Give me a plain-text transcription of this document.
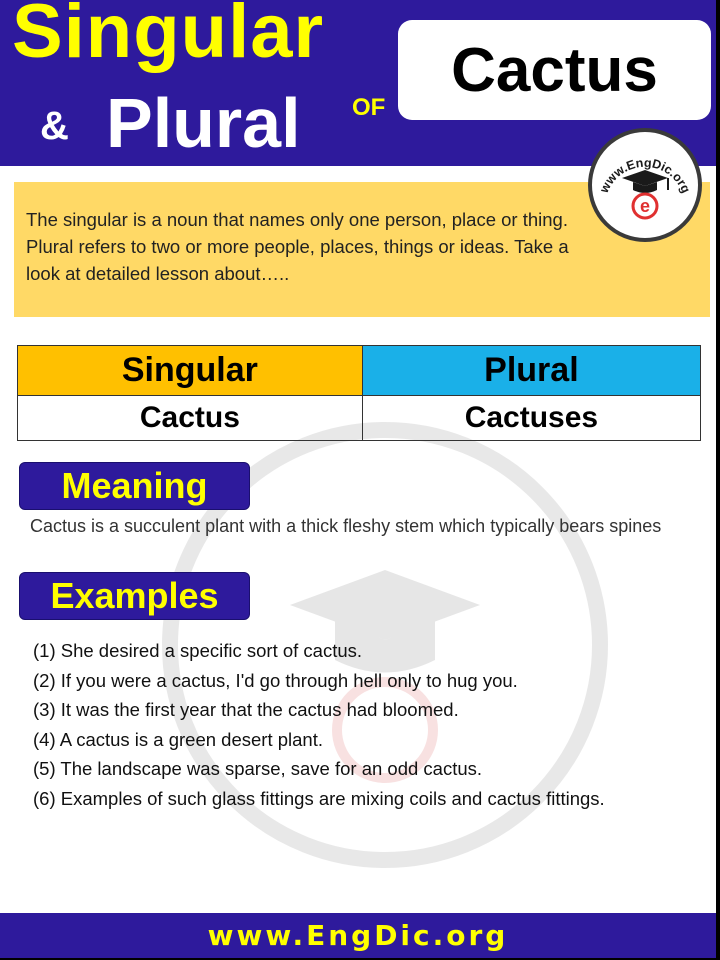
Singular
& Plural OF
Cactus
The singular is a noun that names only one person, place or thing. Plural refers to two or more people, places, things or ideas. Take a look at detailed lesson about…..
www.EngDic.org
e
Singular	Plural
Cactus	Cactuses
Meaning
Cactus is a succulent plant with a thick fleshy stem which typically bears spines
Examples
(1) She desired a specific sort of cactus.
(2) If you were a cactus, I'd go through hell only to hug you.
(3) It was the first year that the cactus had bloomed.
(4) A cactus is a green desert plant.
(5) The landscape was sparse, save for an odd cactus.
(6) Examples of such glass fittings are mixing coils and cactus fittings.
www.EngDic.org
